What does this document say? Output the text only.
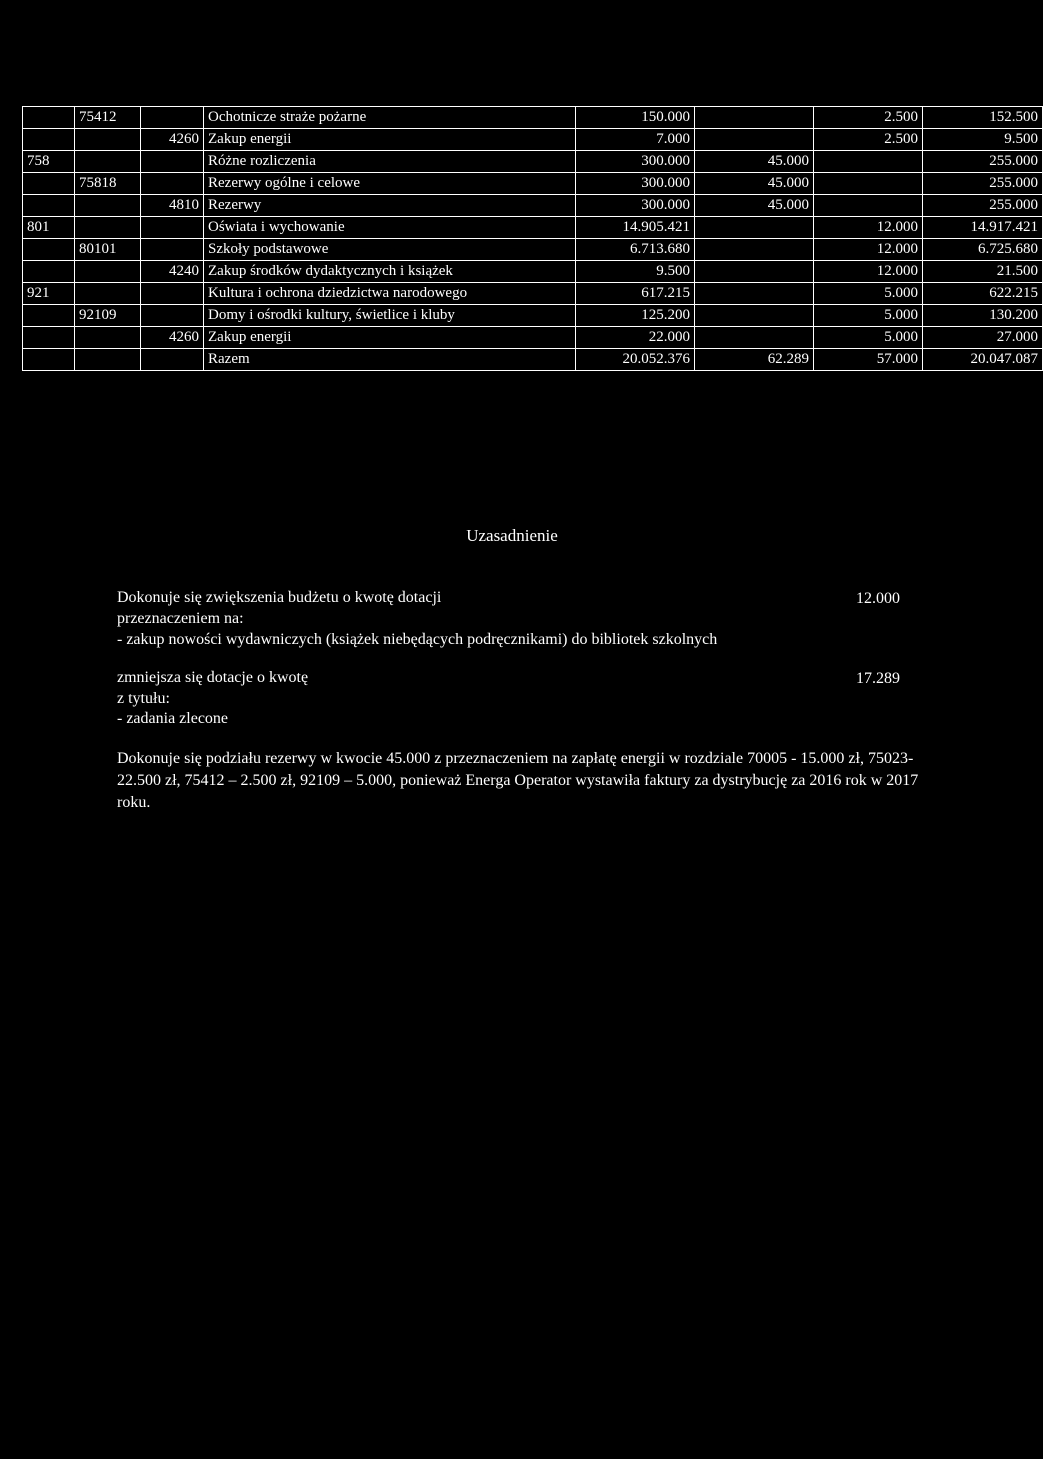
	75412		Ochotnicze straże pożarne	150.000		2.500	152.500
		4260	Zakup energii	7.000		2.500	9.500
758			Różne rozliczenia	300.000	45.000		255.000
	75818		Rezerwy ogólne i celowe	300.000	45.000		255.000
		4810	Rezerwy	300.000	45.000		255.000
801			Oświata i wychowanie	14.905.421		12.000	14.917.421
	80101		Szkoły podstawowe	6.713.680		12.000	6.725.680
		4240	Zakup środków dydaktycznych i książek	9.500		12.000	21.500
921			Kultura i ochrona dziedzictwa narodowego	617.215		5.000	622.215
	92109		Domy i ośrodki kultury, świetlice i kluby	125.200		5.000	130.200
		4260	Zakup energii	22.000		5.000	27.000
			Razem	20.052.376	62.289	57.000	20.047.087
Uzasadnienie
Dokonuje się zwiększenia budżetu o kwotę dotacji	12.000
przeznaczeniem na:
- zakup nowości wydawniczych (książek niebędących podręcznikami) do bibliotek szkolnych
zmniejsza się dotacje o kwotę	17.289
z tytułu:
- zadania zlecone
Dokonuje się podziału rezerwy w kwocie 45.000 z przeznaczeniem na zapłatę energii w rozdziale 70005 - 15.000 zł, 75023- 22.500 zł, 75412 – 2.500 zł, 92109 – 5.000, ponieważ Energa Operator wystawiła faktury za dystrybucję za 2016 rok w 2017 roku.
